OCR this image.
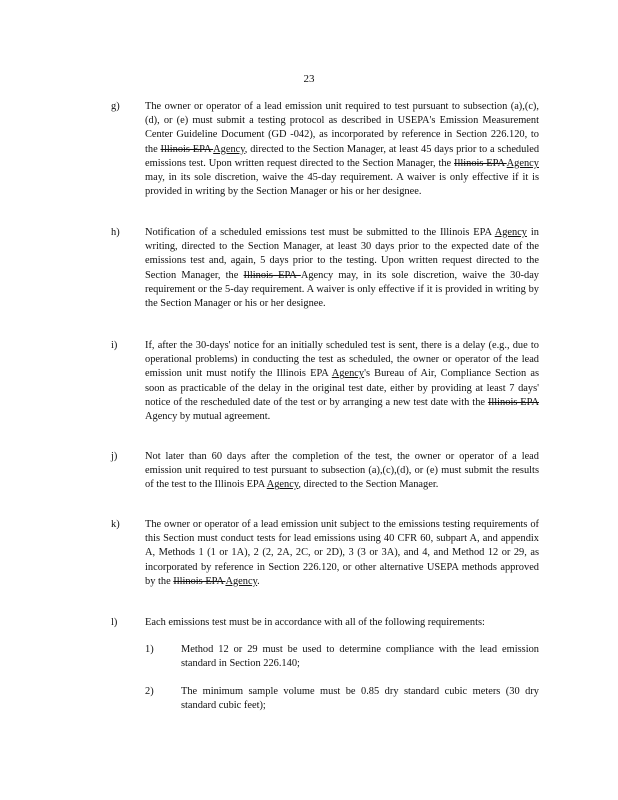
23
g) The owner or operator of a lead emission unit required to test pursuant to subsection (a),(c), (d), or (e) must submit a testing protocol as described in USEPA's Emission Measurement Center Guideline Document (GD -042), as incorporated by reference in Section 226.120, to the Illinois EPA Agency, directed to the Section Manager, at least 45 days prior to a scheduled emissions test. Upon written request directed to the Section Manager, the Illinois EPA Agency may, in its sole discretion, waive the 45-day requirement. A waiver is only effective if it is provided in writing by the Section Manager or his or her designee.
h) Notification of a scheduled emissions test must be submitted to the Illinois EPA Agency in writing, directed to the Section Manager, at least 30 days prior to the expected date of the emissions test and, again, 5 days prior to the testing. Upon written request directed to the Section Manager, the Illinois EPA Agency may, in its sole discretion, waive the 30-day requirement or the 5-day requirement. A waiver is only effective if it is provided in writing by the Section Manager or his or her designee.
i)	If, after the 30-days' notice for an initially scheduled test is sent, there is a delay (e.g., due to operational problems) in conducting the test as scheduled, the owner or operator of the lead emission unit must notify the Illinois EPA Agency's Bureau of Air, Compliance Section as soon as practicable of the delay in the original test date, either by providing at least 7 days' notice of the rescheduled date of the test or by arranging a new test date with the Illinois EPA Agency by mutual agreement.
j)	Not later than 60 days after the completion of the test, the owner or operator of a lead emission unit required to test pursuant to subsection (a),(c),(d), or (e) must submit the results of the test to the Illinois EPA Agency, directed to the Section Manager.
k) The owner or operator of a lead emission unit subject to the emissions testing requirements of this Section must conduct tests for lead emissions using 40 CFR 60, subpart A, and appendix A, Methods 1 (1 or 1A), 2 (2, 2A, 2C, or 2D), 3 (3 or 3A), and 4, and Method 12 or 29, as incorporated by reference in Section 226.120, or other alternative USEPA methods approved by the Illinois EPA Agency.
l)	Each emissions test must be in accordance with all of the following requirements:
1)	Method 12 or 29 must be used to determine compliance with the lead emission standard in Section 226.140;
2)	The minimum sample volume must be 0.85 dry standard cubic meters (30 dry standard cubic feet);
